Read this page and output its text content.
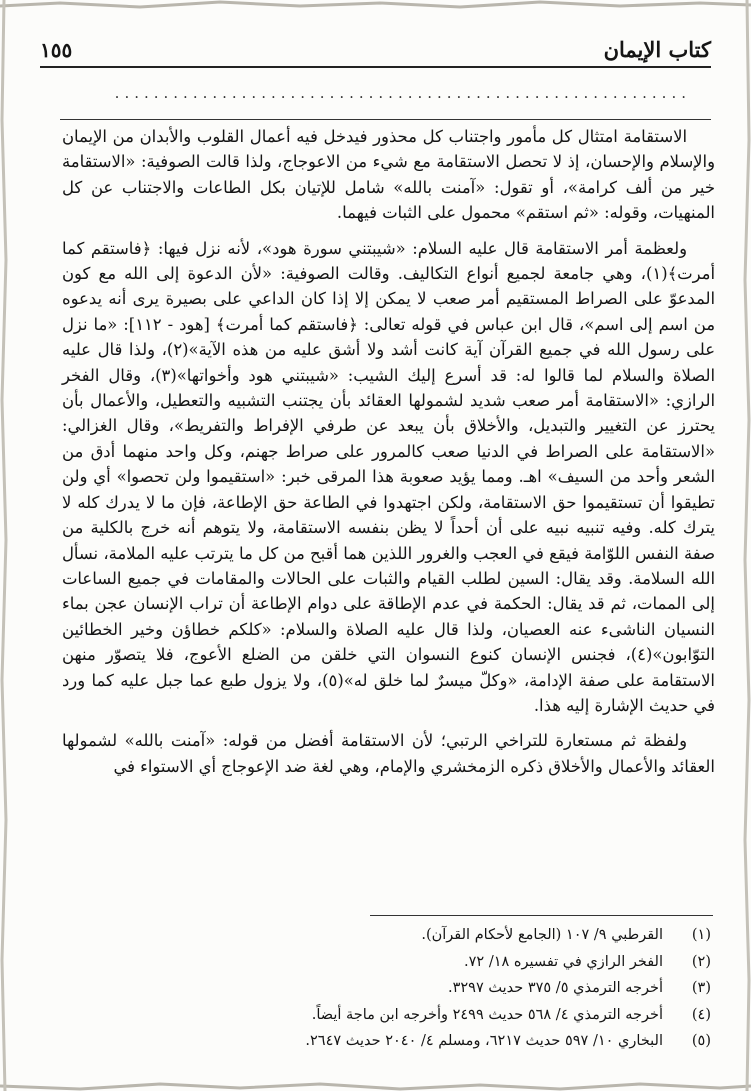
كتاب الإيمان
١٥٥
...........................................................

الاستقامة امتثال كل مأمور واجتناب كل محذور فيدخل فيه أعمال القلوب والأبدان من الإيمان والإسلام والإحسان، إذ لا تحصل الاستقامة مع شيء من الاعوجاج، ولذا قالت الصوفية: «الاستقامة خير من ألف كرامة»، أو تقول: «آمنت بالله» شامل للإتيان بكل الطاعات والاجتناب عن كل المنهيات، وقوله: «ثم استقم» محمول على الثبات فيهما.

ولعظمة أمر الاستقامة قال عليه السلام: «شيبتني سورة هود»، لأنه نزل فيها: ﴿فاستقم كما أمرت﴾(١)، وهي جامعة لجميع أنواع التكاليف. وقالت الصوفية: «لأن الدعوة إلى الله مع كون المدعوّ على الصراط المستقيم أمر صعب لا يمكن إلا إذا كان الداعي على بصيرة يرى أنه يدعوه من اسم إلى اسم»، قال ابن عباس في قوله تعالى: ﴿فاستقم كما أمرت﴾ [هود - ١١٢]: «ما نزل على رسول الله في جميع القرآن آية كانت أشد ولا أشق عليه من هذه الآية»(٢)، ولذا قال عليه الصلاة والسلام لما قالوا له: قد أسرع إليك الشيب: «شيبتني هود وأخواتها»(٣)، وقال الفخر الرازي: «الاستقامة أمر صعب شديد لشمولها العقائد بأن يجتنب التشبيه والتعطيل، والأعمال بأن يحترز عن التغيير والتبديل، والأخلاق بأن يبعد عن طرفي الإفراط والتفريط»، وقال الغزالي: «الاستقامة على الصراط في الدنيا صعب كالمرور على صراط جهنم، وكل واحد منهما أدق من الشعر وأحد من السيف» اهـ. ومما يؤيد صعوبة هذا المرقى خبر: «استقيموا ولن تحصوا» أي ولن تطيقوا أن تستقيموا حق الاستقامة، ولكن اجتهدوا في الطاعة حق الإطاعة، فإن ما لا يدرك كله لا يترك كله. وفيه تنبيه نبيه على أن أحداً لا يظن بنفسه الاستقامة، ولا يتوهم أنه خرج بالكلية من صفة النفس اللوّامة فيقع في العجب والغرور اللذين هما أقبح من كل ما يترتب عليه الملامة، نسأل الله السلامة. وقد يقال: السين لطلب القيام والثبات على الحالات والمقامات في جميع الساعات إلى الممات، ثم قد يقال: الحكمة في عدم الإطاقة على دوام الإطاعة أن تراب الإنسان عجن بماء النسيان الناشىء عنه العصيان، ولذا قال عليه الصلاة والسلام: «كلكم خطاؤن وخير الخطائين التوّابون»(٤)، فجنس الإنسان كنوع النسوان التي خلقن من الضلع الأعوج، فلا يتصوّر منهن الاستقامة على صفة الإدامة، «وكلّ ميسرٌ لما خلق له»(٥)، ولا يزول طبع عما جبل عليه كما ورد في حديث الإشارة إليه هذا.

ولفظة ثم مستعارة للتراخي الرتبي؛ لأن الاستقامة أفضل من قوله: «آمنت بالله» لشمولها العقائد والأعمال والأخلاق ذكره الزمخشري والإمام، وهي لغة ضد الإعوجاج أي الاستواء في

(١)
القرطبي ٩/ ١٠٧ (الجامع لأحكام القرآن).
(٢)
الفخر الرازي في تفسيره ١٨/ ٧٢.
(٣)
أخرجه الترمذي ٥/ ٣٧٥ حديث ٣٢٩٧.
(٤)
أخرجه الترمذي ٤/ ٥٦٨ حديث ٢٤٩٩ وأخرجه ابن ماجة أيضاً.
(٥)
البخاري ١٠/ ٥٩٧ حديث ٦٢١٧، ومسلم ٤/ ٢٠٤٠ حديث ٢٦٤٧.
